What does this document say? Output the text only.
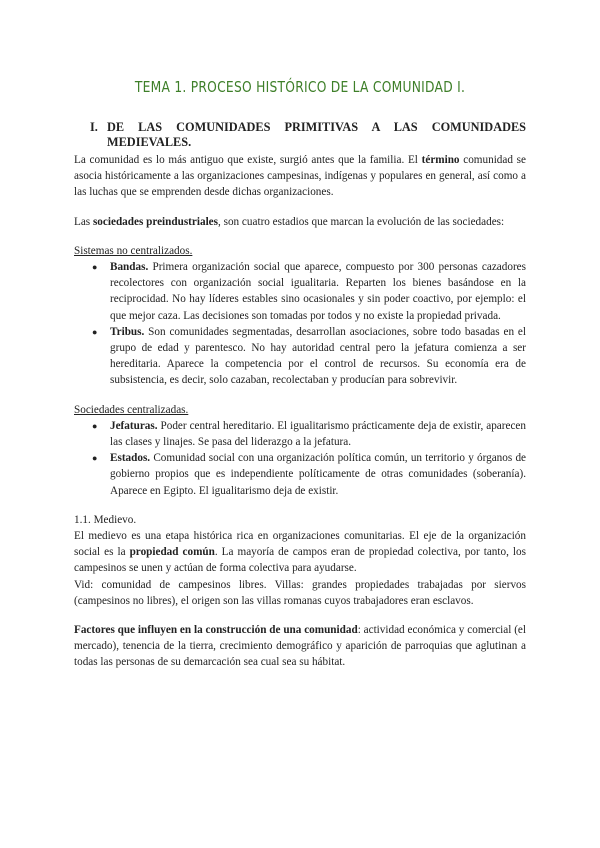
TEMA 1. PROCESO HISTÓRICO DE LA COMUNIDAD I.
I. DE LAS COMUNIDADES PRIMITIVAS A LAS COMUNIDADES MEDIEVALES.

La comunidad es lo más antiguo que existe, surgió antes que la familia. El término comunidad se asocia históricamente a las organizaciones campesinas, indígenas y populares en general, así como a las luchas que se emprenden desde dichas organizaciones.

Las sociedades preindustriales, son cuatro estadios que marcan la evolución de las sociedades:

Sistemas no centralizados.

● Bandas. Primera organización social que aparece, compuesto por 300 personas cazadores recolectores con organización social igualitaria. Reparten los bienes basándose en la reciprocidad. No hay líderes estables sino ocasionales y sin poder coactivo, por ejemplo: el que mejor caza. Las decisiones son tomadas por todos y no existe la propiedad privada.
● Tribus. Son comunidades segmentadas, desarrollan asociaciones, sobre todo basadas en el grupo de edad y parentesco. No hay autoridad central pero la jefatura comienza a ser hereditaria. Aparece la competencia por el control de recursos. Su economía era de subsistencia, es decir, solo cazaban, recolectaban y producían para sobrevivir.

Sociedades centralizadas.

● Jefaturas. Poder central hereditario. El igualitarismo prácticamente deja de existir, aparecen las clases y linajes. Se pasa del liderazgo a la jefatura.
● Estados. Comunidad social con una organización política común, un territorio y órganos de gobierno propios que es independiente políticamente de otras comunidades (soberanía). Aparece en Egipto. El igualitarismo deja de existir.

1.1. Medievo.

El medievo es una etapa histórica rica en organizaciones comunitarias. El eje de la organización social es la propiedad común. La mayoría de campos eran de propiedad colectiva, por tanto, los campesinos se unen y actúan de forma colectiva para ayudarse.

Vid: comunidad de campesinos libres. Villas: grandes propiedades trabajadas por siervos (campesinos no libres), el origen son las villas romanas cuyos trabajadores eran esclavos.

Factores que influyen en la construcción de una comunidad: actividad económica y comercial (el mercado), tenencia de la tierra, crecimiento demográfico y aparición de parroquias que aglutinan a todas las personas de su demarcación sea cual sea su hábitat.
